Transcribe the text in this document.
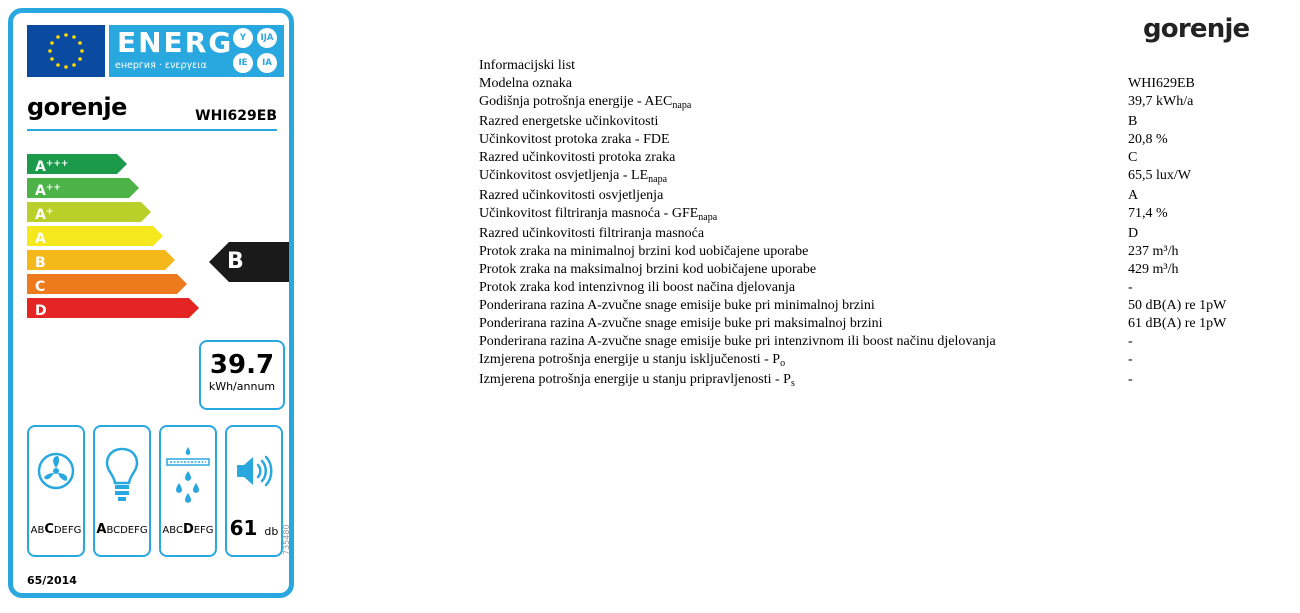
ENERG
енергия · ενεργεια
Y	IJA
IE	IA
gorenje	WHI629EB
A+++
A++
A+
A
B
C
D
B
39.7
kWh/annum
ABCDEFG ABCDEFG ABCDEFG 61 db
65/2014
735480
gorenje
Informacijski list
Modelna oznaka	WHI629EB
Godišnja potrošnja energije - $AEC_{napa}$	39,7 kWh/a
Razred energetske učinkovitosti	B
Učinkovitost protoka zraka - FDE	20,8 %
Razred učinkovitosti protoka zraka	C
Učinkovitost osvjetljenja - $LE_{napa}$	65,5 lux/W
Razred učinkovitosti osvjetljenja	A
Učinkovitost filtriranja masnoća - $GFE_{napa}$	71,4 %
Razred učinkovitosti filtriranja masnoća	D
Protok zraka na minimalnoj brzini kod uobičajene uporabe	237 m³/h
Protok zraka na maksimalnoj brzini kod uobičajene uporabe	429 m³/h
Protok zraka kod intenzivnog ili boost načina djelovanja	-
Ponderirana razina A-zvučne snage emisije buke pri minimalnoj brzini	50 dB(A) re 1pW
Ponderirana razina A-zvučne snage emisije buke pri maksimalnoj brzini	61 dB(A) re 1pW
Ponderirana razina A-zvučne snage emisije buke pri intenzivnom ili boost načinu djelovanja	-
Izmjerena potrošnja energije u stanju isključenosti - $P_o$	-
Izmjerena potrošnja energije u stanju pripravljenosti - $P_s$	-
